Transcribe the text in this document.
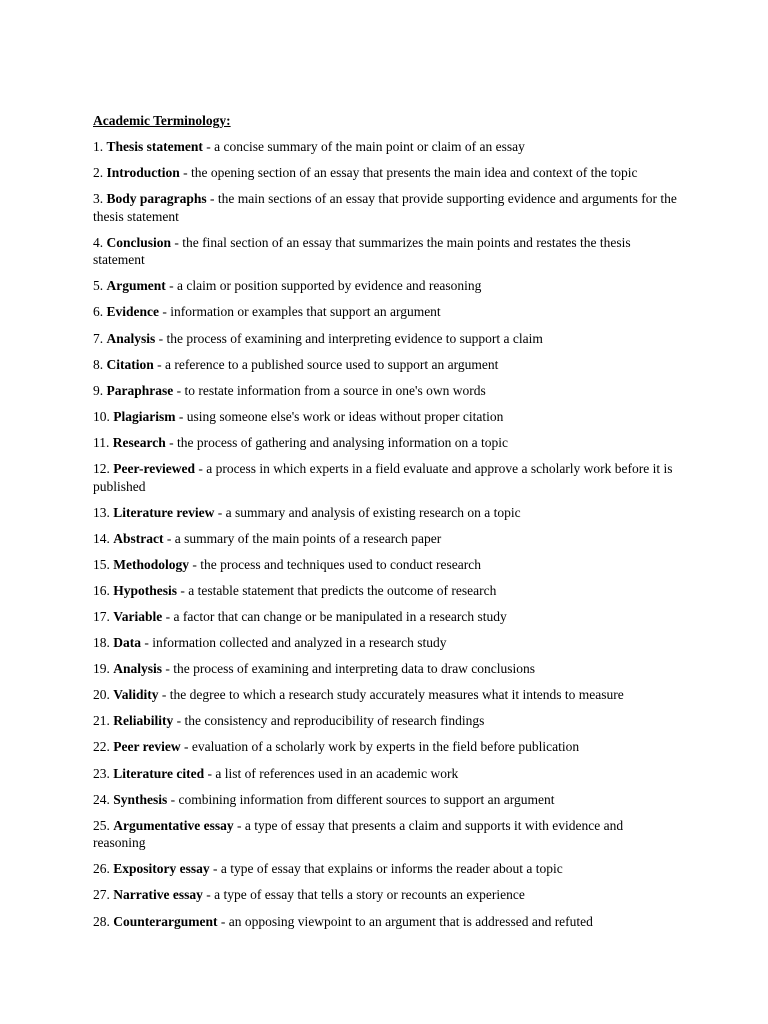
Academic Terminology:
1. Thesis statement - a concise summary of the main point or claim of an essay
2. Introduction - the opening section of an essay that presents the main idea and context of the topic
3. Body paragraphs - the main sections of an essay that provide supporting evidence and arguments for the thesis statement
4. Conclusion - the final section of an essay that summarizes the main points and restates the thesis statement
5. Argument - a claim or position supported by evidence and reasoning
6. Evidence - information or examples that support an argument
7. Analysis - the process of examining and interpreting evidence to support a claim
8. Citation - a reference to a published source used to support an argument
9. Paraphrase - to restate information from a source in one's own words
10. Plagiarism - using someone else's work or ideas without proper citation
11. Research - the process of gathering and analysing information on a topic
12. Peer-reviewed - a process in which experts in a field evaluate and approve a scholarly work before it is published
13. Literature review - a summary and analysis of existing research on a topic
14. Abstract - a summary of the main points of a research paper
15. Methodology - the process and techniques used to conduct research
16. Hypothesis - a testable statement that predicts the outcome of research
17. Variable - a factor that can change or be manipulated in a research study
18. Data - information collected and analyzed in a research study
19. Analysis - the process of examining and interpreting data to draw conclusions
20. Validity - the degree to which a research study accurately measures what it intends to measure
21. Reliability - the consistency and reproducibility of research findings
22. Peer review - evaluation of a scholarly work by experts in the field before publication
23. Literature cited - a list of references used in an academic work
24. Synthesis - combining information from different sources to support an argument
25. Argumentative essay - a type of essay that presents a claim and supports it with evidence and reasoning
26. Expository essay - a type of essay that explains or informs the reader about a topic
27. Narrative essay - a type of essay that tells a story or recounts an experience
28. Counterargument - an opposing viewpoint to an argument that is addressed and refuted
